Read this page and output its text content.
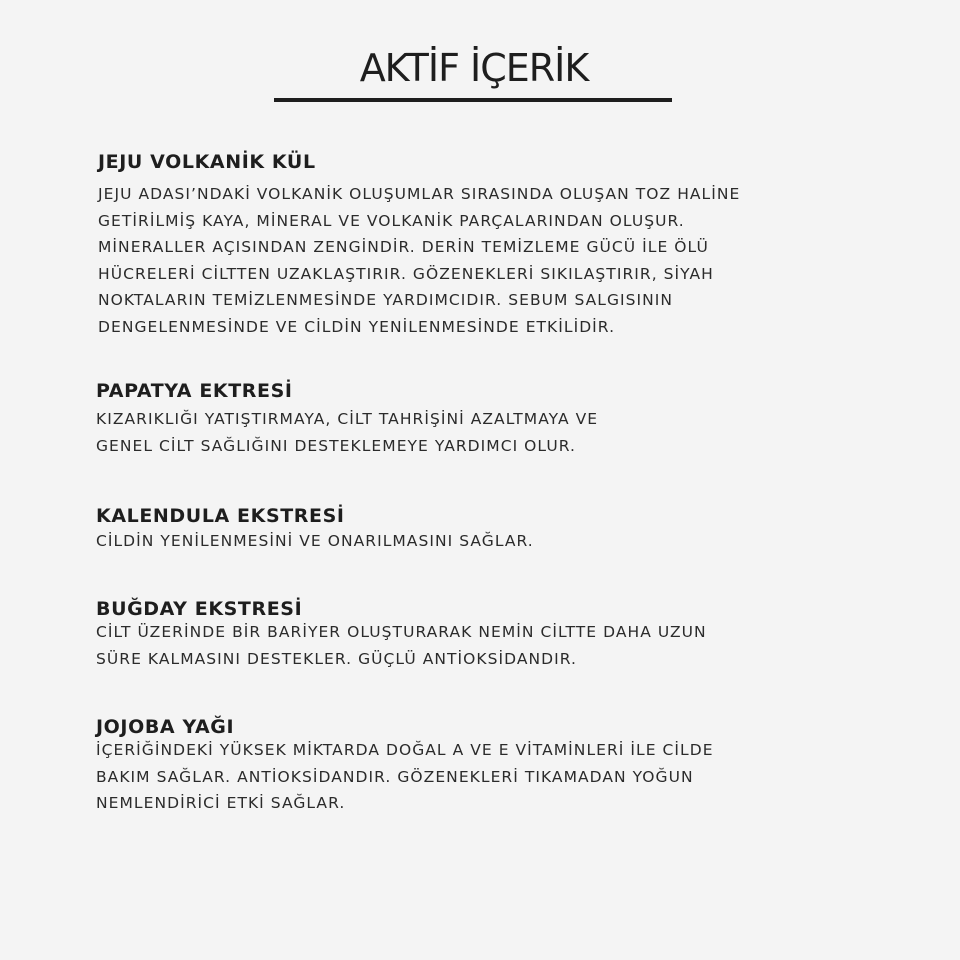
AKTİF İÇERİK
JEJU VOLKANİK KÜL
JEJU ADASI’NDAKİ VOLKANİK OLUŞUMLAR SIRASINDA OLUŞAN TOZ HALİNE
GETİRİLMİŞ KAYA, MİNERAL VE VOLKANİK PARÇALARINDAN OLUŞUR.
MİNERALLER AÇISINDAN ZENGİNDİR. DERİN TEMİZLEME GÜCÜ İLE ÖLÜ
HÜCRELERİ CİLTTEN UZAKLAŞTIRIR. GÖZENEKLERİ SIKILAŞTIRIR, SİYAH
NOKTALARIN TEMİZLENMESİNDE YARDIMCIDIR. SEBUM SALGISININ
DENGELENMESİNDE VE CİLDİN YENİLENMESİNDE ETKİLİDİR.
PAPATYA EKTRESİ
KIZARIKLIĞI YATIŞTIRMAYA, CİLT TAHRİŞİNİ AZALTMAYA VE
GENEL CİLT SAĞLIĞINI DESTEKLEMEYE YARDIMCI OLUR.
KALENDULA EKSTRESİ
CİLDİN YENİLENMESİNİ VE ONARILMASINI SAĞLAR.
BUĞDAY EKSTRESİ
CİLT ÜZERİNDE BİR BARİYER OLUŞTURARAK NEMİN CİLTTE DAHA UZUN
SÜRE KALMASINI DESTEKLER. GÜÇLÜ ANTİOKSİDANDIR.
JOJOBA YAĞI
İÇERİĞİNDEKİ YÜKSEK MİKTARDA DOĞAL A VE E VİTAMİNLERİ İLE CİLDE
BAKIM SAĞLAR. ANTİOKSİDANDIR. GÖZENEKLERİ TIKAMADAN YOĞUN
NEMLENDİRİCİ ETKİ SAĞLAR.
